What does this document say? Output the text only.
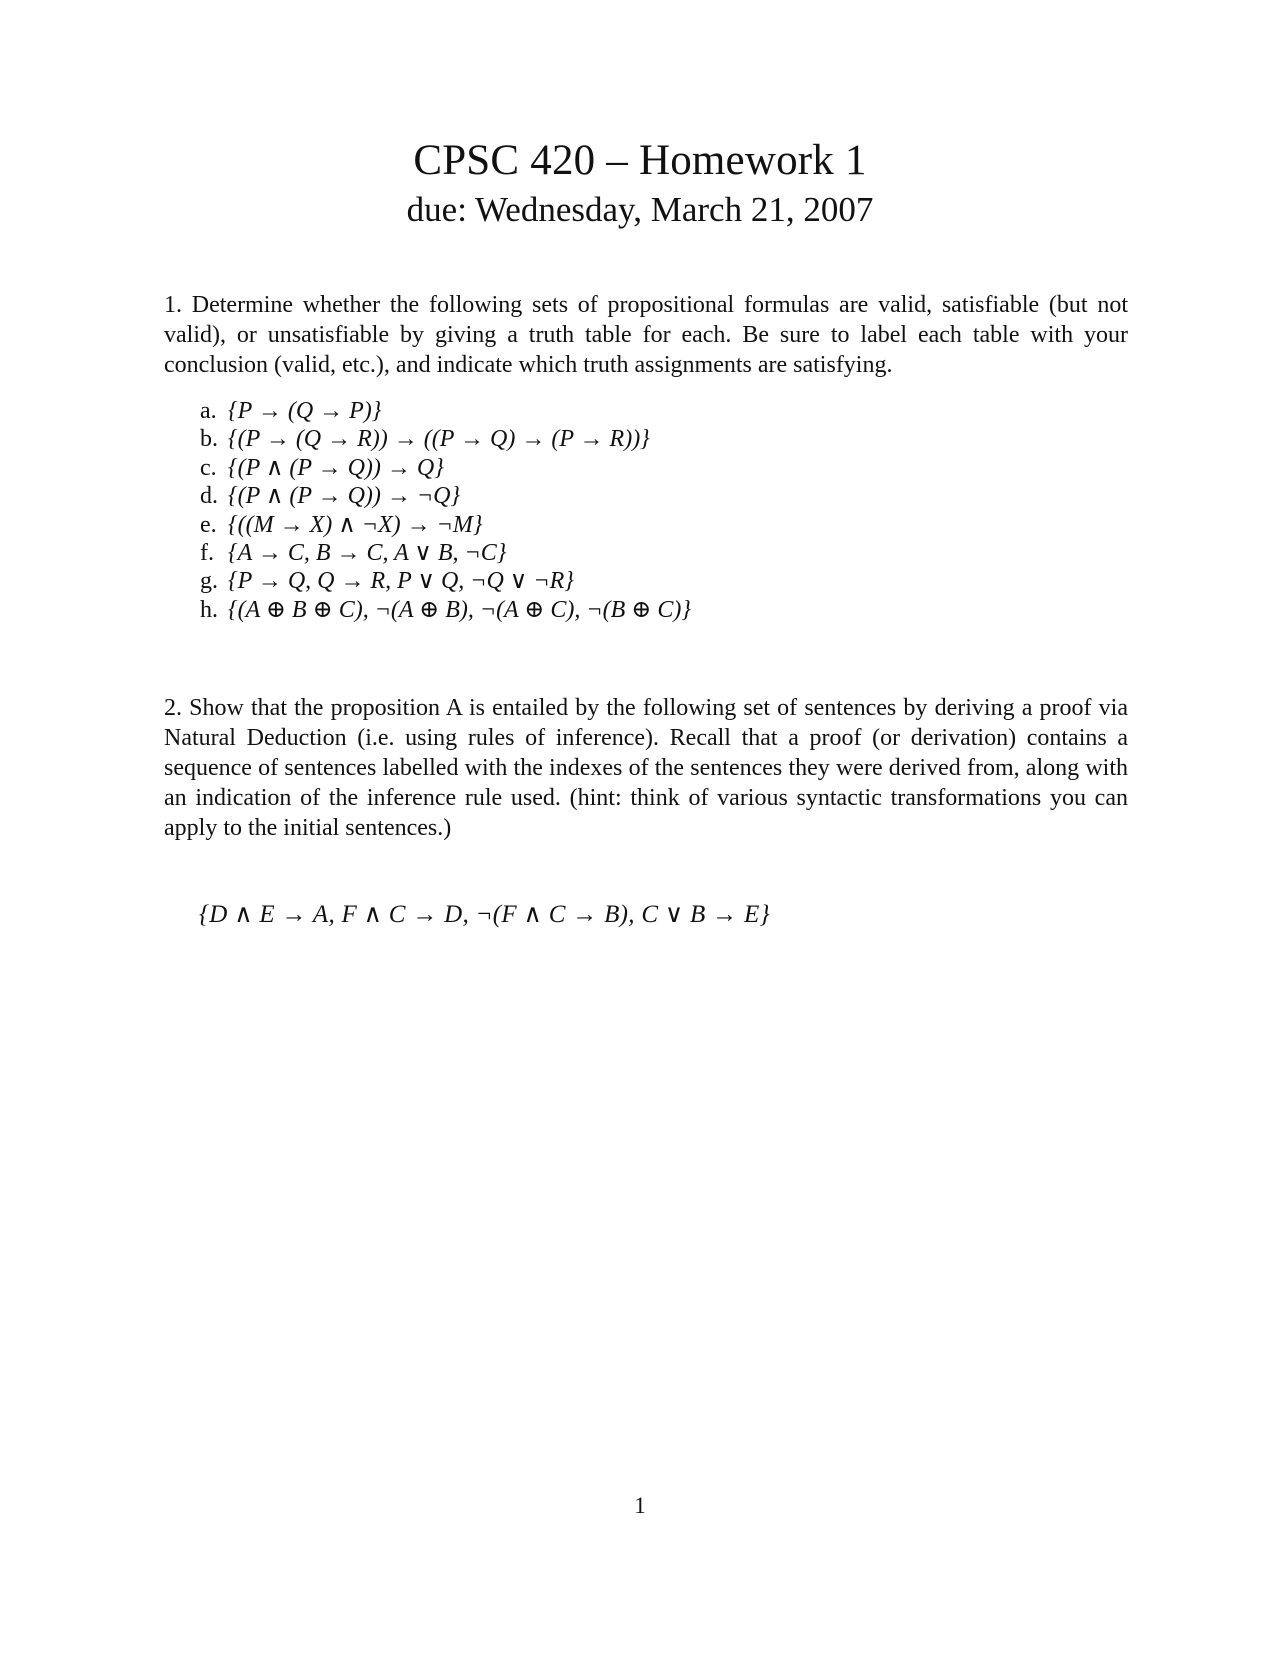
CPSC 420 – Homework 1
due: Wednesday, March 21, 2007
1. Determine whether the following sets of propositional formulas are valid, satisfiable (but not valid), or unsatisfiable by giving a truth table for each. Be sure to label each table with your conclusion (valid, etc.), and indicate which truth assignments are satisfying.
a. {P → (Q → P)}
b. {(P → (Q → R)) → ((P → Q) → (P → R))}
c. {(P ∧ (P → Q)) → Q}
d. {(P ∧ (P → Q)) → ¬Q}
e. {((M → X) ∧ ¬X) → ¬M}
f. {A → C, B → C, A ∨ B, ¬C}
g. {P → Q, Q → R, P ∨ Q, ¬Q ∨ ¬R}
h. {(A ⊕ B ⊕ C), ¬(A ⊕ B), ¬(A ⊕ C), ¬(B ⊕ C)}
2. Show that the proposition A is entailed by the following set of sentences by deriving a proof via Natural Deduction (i.e. using rules of inference). Recall that a proof (or derivation) contains a sequence of sentences labelled with the indexes of the sentences they were derived from, along with an indication of the inference rule used. (hint: think of various syntactic transformations you can apply to the initial sentences.)
{D ∧ E → A, F ∧ C → D, ¬(F ∧ C → B), C ∨ B → E}
1
